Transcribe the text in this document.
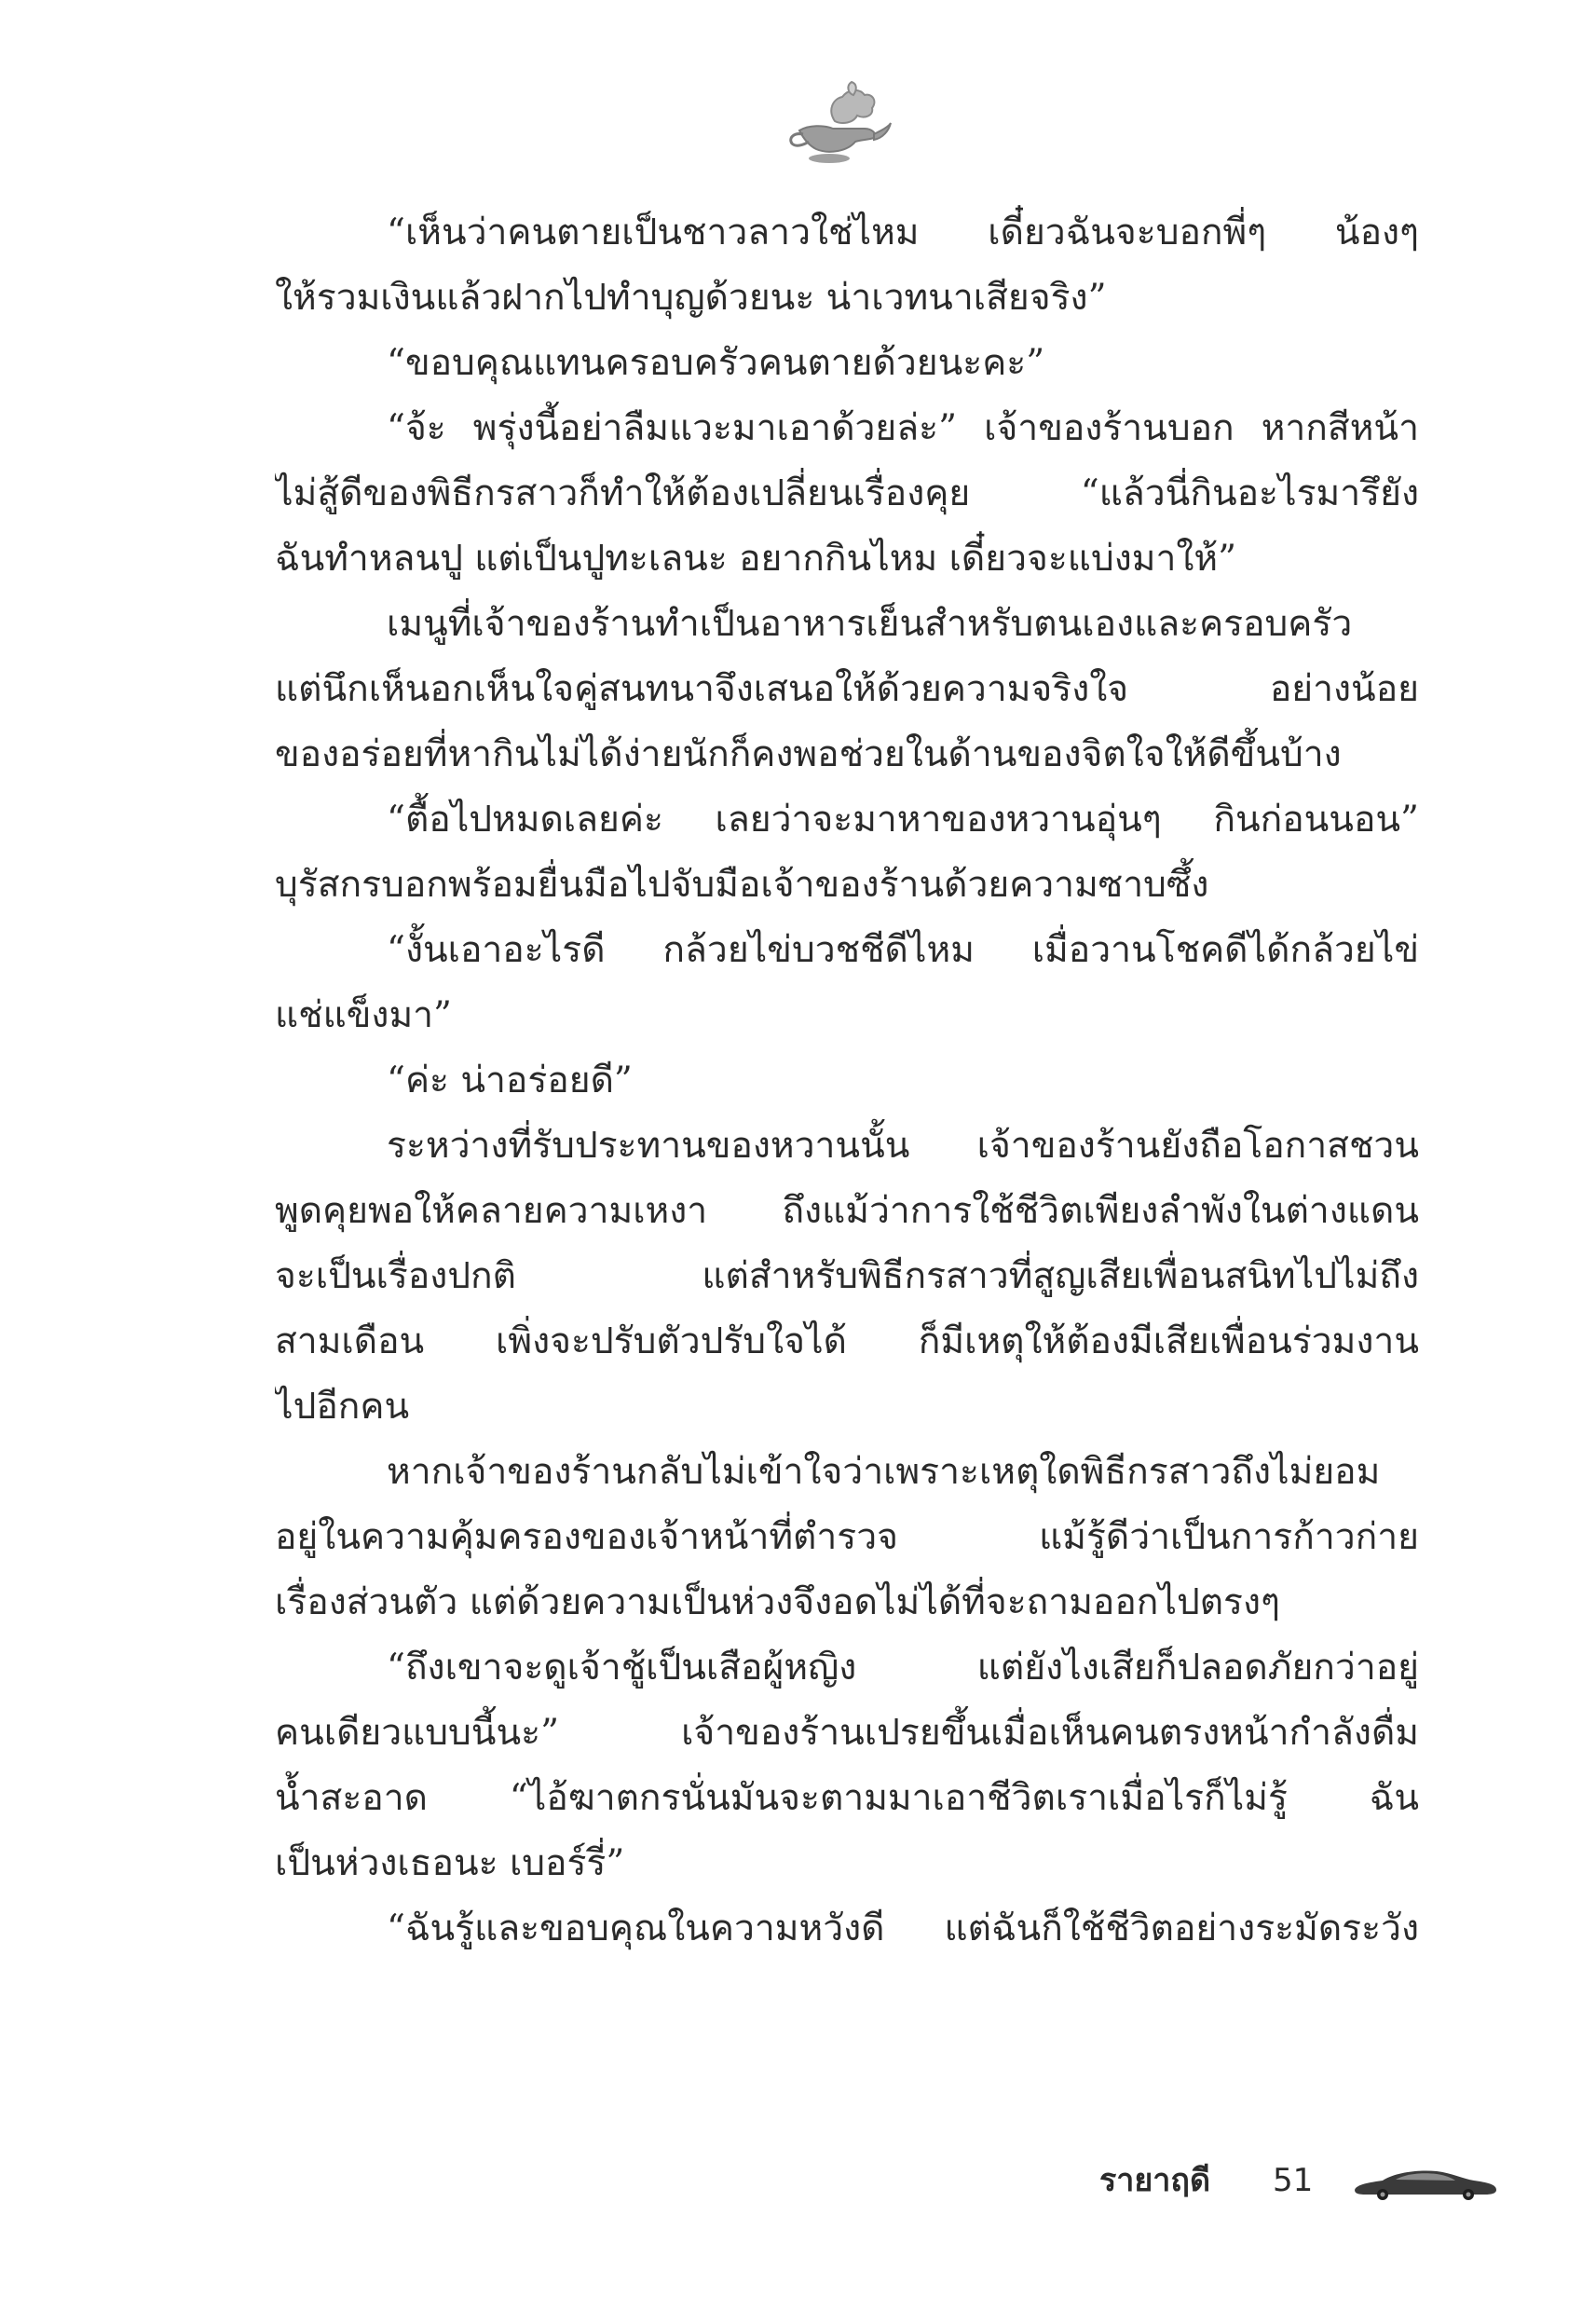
“เห็นว่าคนตายเป็นชาวลาวใช่ไหม เดี๋ยวฉันจะบอกพี่ๆ น้องๆ
ให้รวมเงินแล้วฝากไปทำบุญด้วยนะ น่าเวทนาเสียจริง”
“ขอบคุณแทนครอบครัวคนตายด้วยนะคะ”
“จ้ะ พรุ่งนี้อย่าลืมแวะมาเอาด้วยล่ะ” เจ้าของร้านบอก หากสีหน้า
ไม่สู้ดีของพิธีกรสาวก็ทำให้ต้องเปลี่ยนเรื่องคุย “แล้วนี่กินอะไรมารึยัง
ฉันทำหลนปู แต่เป็นปูทะเลนะ อยากกินไหม เดี๋ยวจะแบ่งมาให้”
เมนูที่เจ้าของร้านทำเป็นอาหารเย็นสำหรับตนเองและครอบครัว
แต่นึกเห็นอกเห็นใจคู่สนทนาจึงเสนอให้ด้วยความจริงใจ อย่างน้อย
ของอร่อยที่หากินไม่ได้ง่ายนักก็คงพอช่วยในด้านของจิตใจให้ดีขึ้นบ้าง
“ตื้อไปหมดเลยค่ะ เลยว่าจะมาหาของหวานอุ่นๆ กินก่อนนอน”
บุรัสกรบอกพร้อมยื่นมือไปจับมือเจ้าของร้านด้วยความซาบซึ้ง
“งั้นเอาอะไรดี กล้วยไข่บวชชีดีไหม เมื่อวานโชคดีได้กล้วยไข่
แช่แข็งมา”
“ค่ะ น่าอร่อยดี”
ระหว่างที่รับประทานของหวานนั้น เจ้าของร้านยังถือโอกาสชวน
พูดคุยพอให้คลายความเหงา ถึงแม้ว่าการใช้ชีวิตเพียงลำพังในต่างแดน
จะเป็นเรื่องปกติ แต่สำหรับพิธีกรสาวที่สูญเสียเพื่อนสนิทไปไม่ถึง
สามเดือน เพิ่งจะปรับตัวปรับใจได้ ก็มีเหตุให้ต้องมีเสียเพื่อนร่วมงาน
ไปอีกคน
หากเจ้าของร้านกลับไม่เข้าใจว่าเพราะเหตุใดพิธีกรสาวถึงไม่ยอม
อยู่ในความคุ้มครองของเจ้าหน้าที่ตำรวจ แม้รู้ดีว่าเป็นการก้าวก่าย
เรื่องส่วนตัว แต่ด้วยความเป็นห่วงจึงอดไม่ได้ที่จะถามออกไปตรงๆ
“ถึงเขาจะดูเจ้าชู้เป็นเสือผู้หญิง แต่ยังไงเสียก็ปลอดภัยกว่าอยู่
คนเดียวแบบนี้นะ” เจ้าของร้านเปรยขึ้นเมื่อเห็นคนตรงหน้ากำลังดื่ม
น้ำสะอาด “ไอ้ฆาตกรนั่นมันจะตามมาเอาชีวิตเราเมื่อไรก็ไม่รู้ ฉัน
เป็นห่วงเธอนะ เบอร์รี่”
“ฉันรู้และขอบคุณในความหวังดี แต่ฉันก็ใช้ชีวิตอย่างระมัดระวัง
รายาฤดี 51
